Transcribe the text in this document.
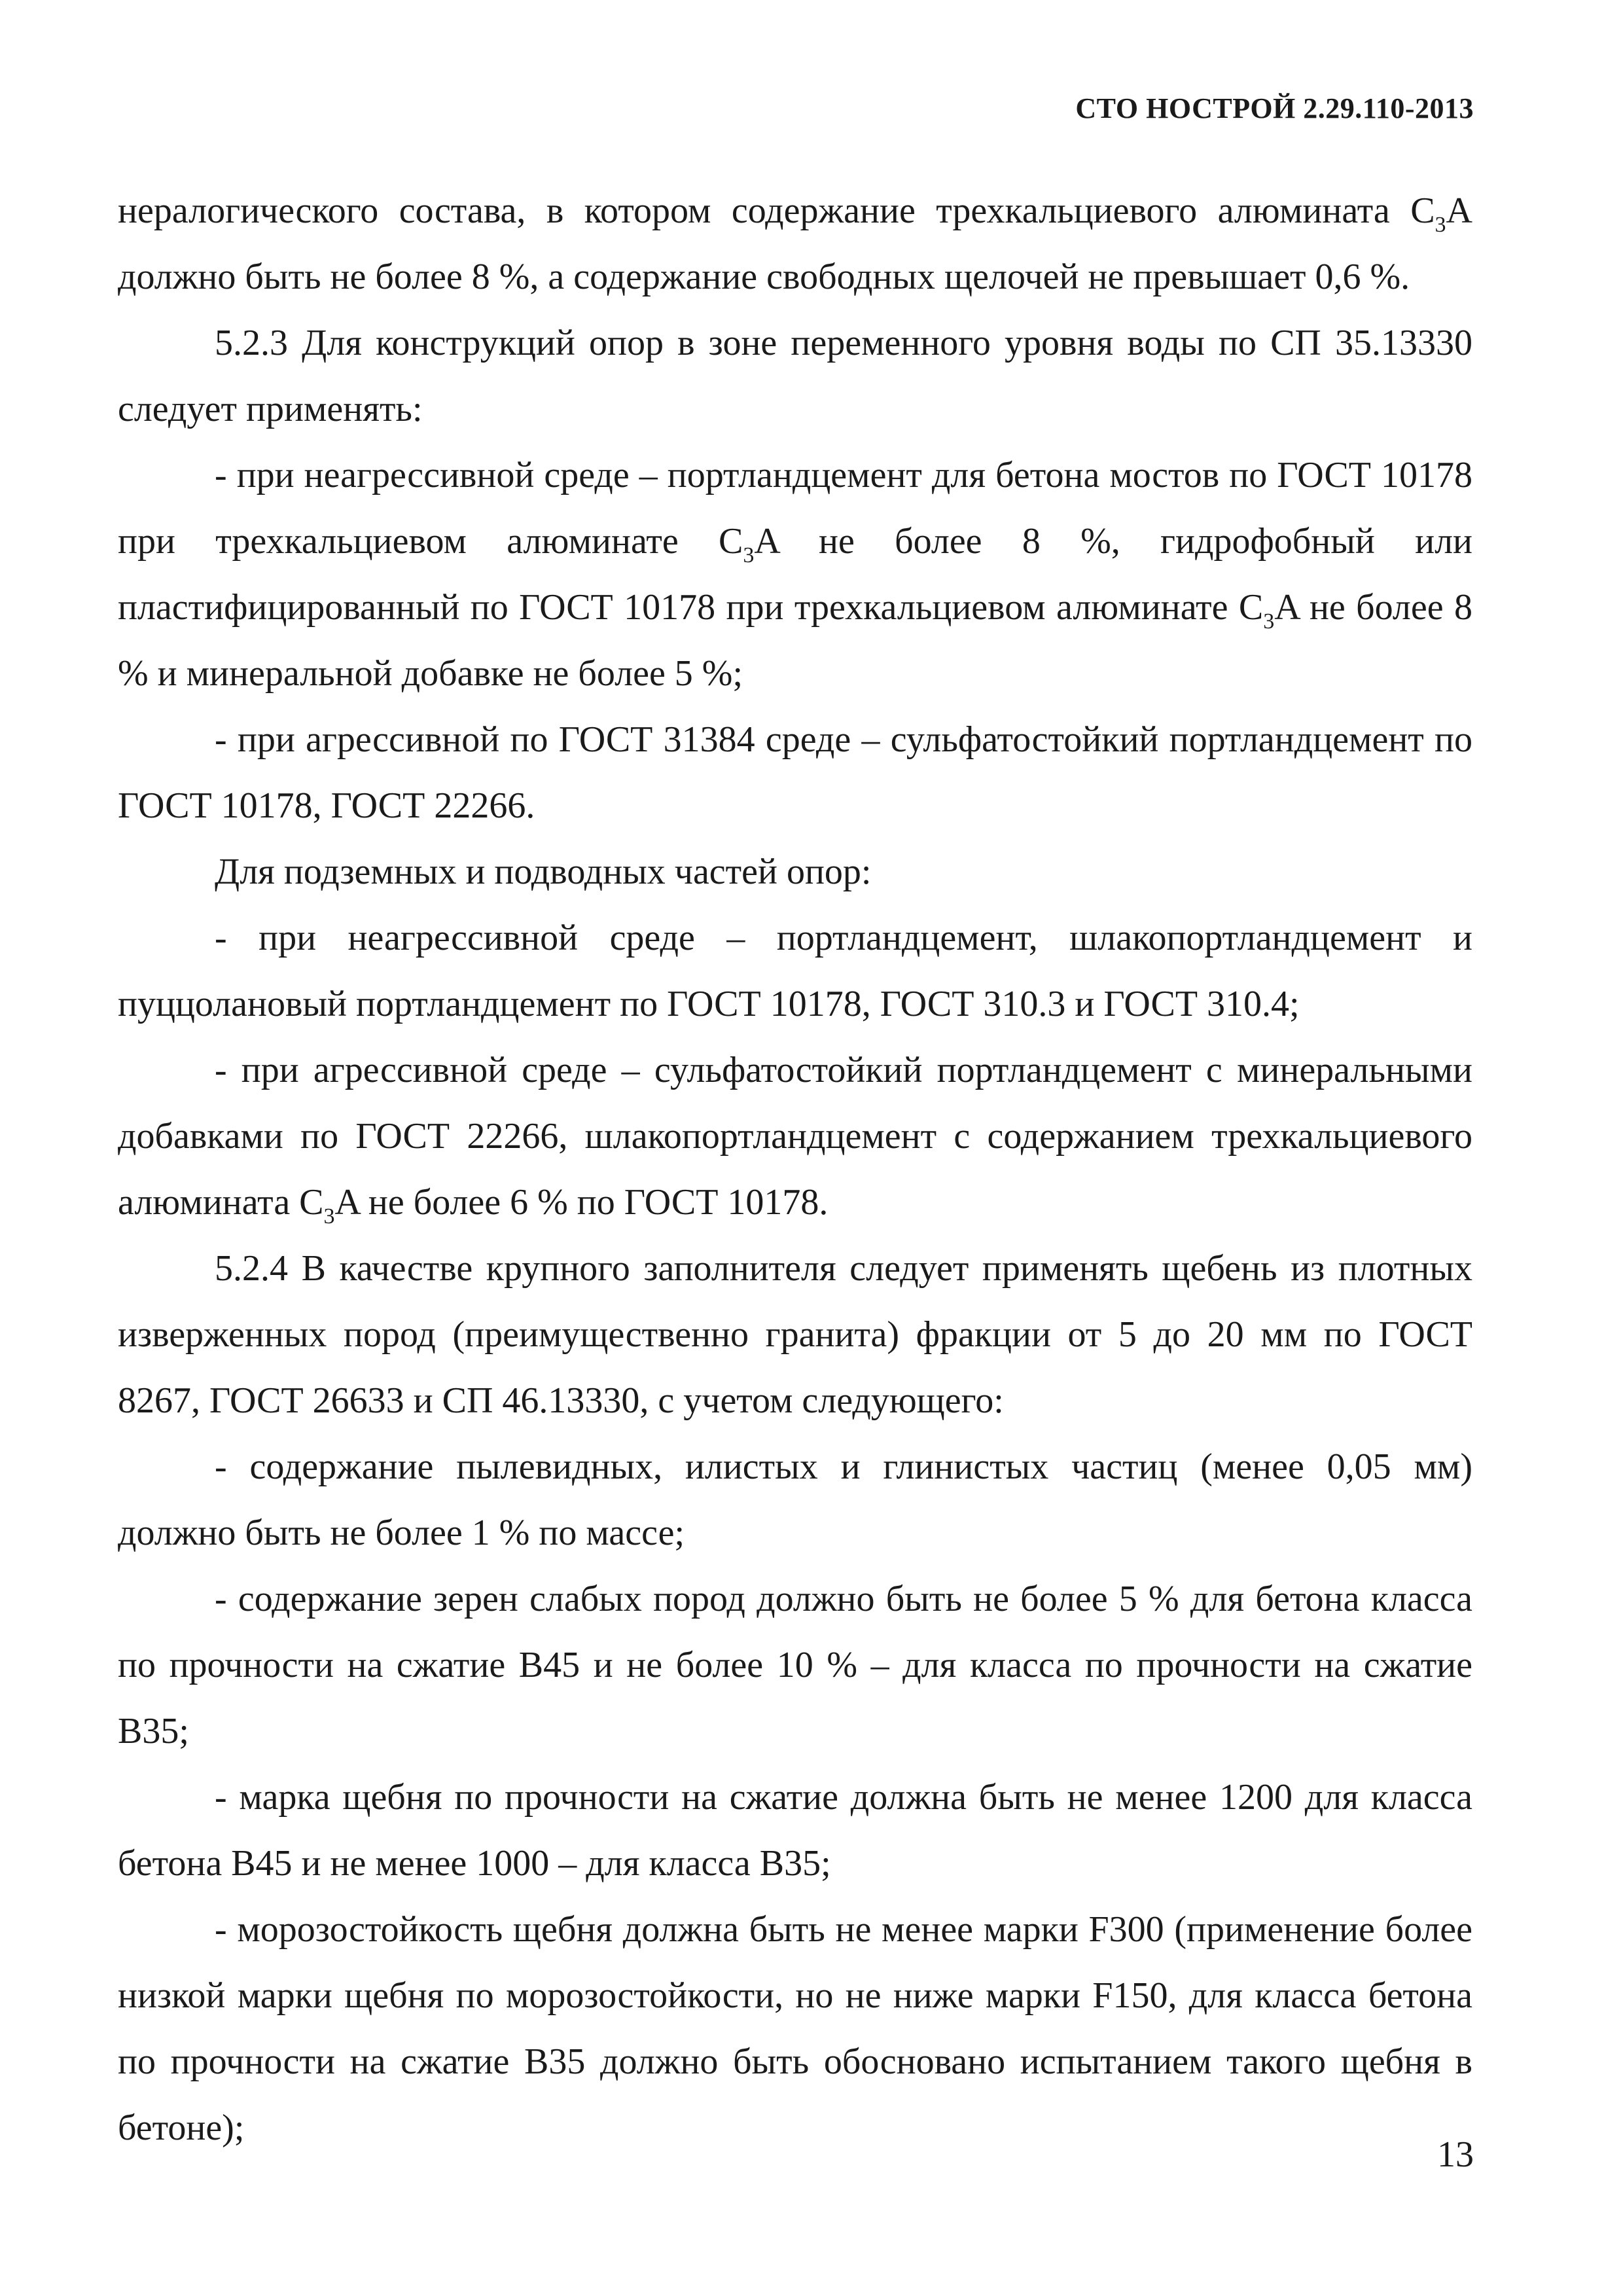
СТО НОСТРОЙ 2.29.110-2013

нералогического состава, в котором содержание трехкальциевого алюмината $C_3A$ должно быть не более 8 %, а содержание свободных щелочей не превышает 0,6 %.

5.2.3 Для конструкций опор в зоне переменного уровня воды по СП 35.13330 следует применять:

- при неагрессивной среде – портландцемент для бетона мостов по ГОСТ 10178 при трехкальциевом алюминате $C_3A$ не более 8 %, гидрофобный или пластифицированный по ГОСТ 10178 при трехкальциевом алюминате $C_3A$ не более 8 % и минеральной добавке не более 5 %;

- при агрессивной по ГОСТ 31384 среде – сульфатостойкий портландцемент по ГОСТ 10178, ГОСТ 22266.

Для подземных и подводных частей опор:

- при неагрессивной среде – портландцемент, шлакопортландцемент и пуццолановый портландцемент по ГОСТ 10178, ГОСТ 310.3 и ГОСТ 310.4;

- при агрессивной среде – сульфатостойкий портландцемент с минеральными добавками по ГОСТ 22266, шлакопортландцемент с содержанием трехкальциевого алюмината $C_3A$ не более 6 % по ГОСТ 10178.

5.2.4 В качестве крупного заполнителя следует применять щебень из плотных изверженных пород (преимущественно гранита) фракции от 5 до 20 мм по ГОСТ 8267, ГОСТ 26633 и СП 46.13330, с учетом следующего:

- содержание пылевидных, илистых и глинистых частиц (менее 0,05 мм) должно быть не более 1 % по массе;

- содержание зерен слабых пород должно быть не более 5 % для бетона класса по прочности на сжатие В45 и не более 10 % – для класса по прочности на сжатие В35;

- марка щебня по прочности на сжатие должна быть не менее 1200 для класса бетона В45 и не менее 1000 – для класса В35;

- морозостойкость щебня должна быть не менее марки F300 (применение более низкой марки щебня по морозостойкости, но не ниже марки F150, для класса бетона по прочности на сжатие В35 должно быть обосновано испытанием такого щебня в бетоне);

13
